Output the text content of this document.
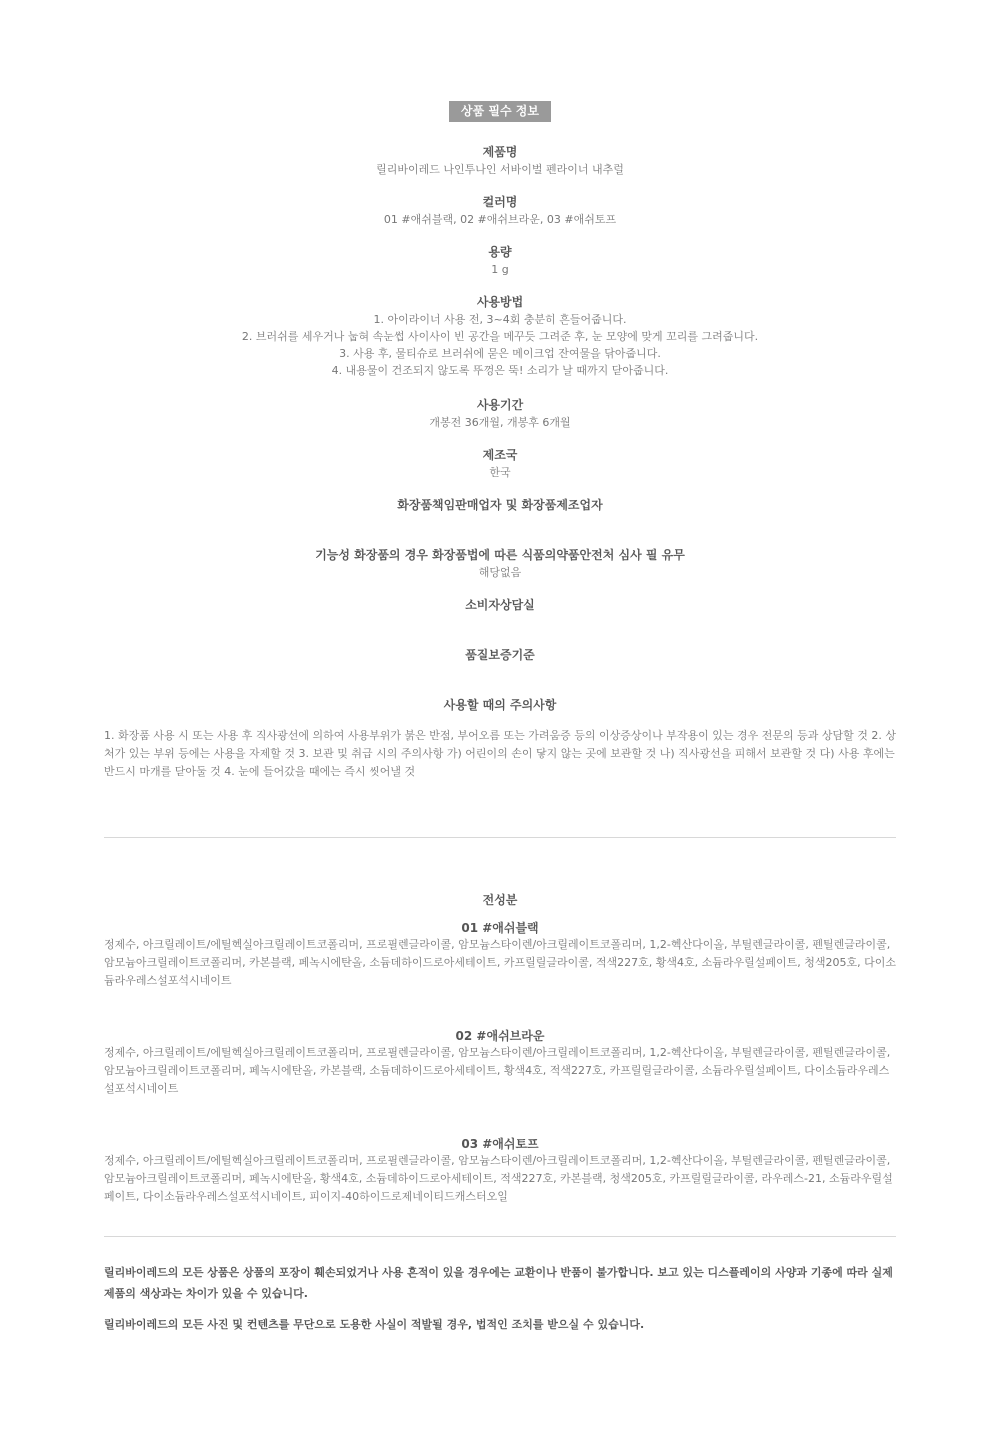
상품 필수 정보
제품명
릴리바이레드 나인투나인 서바이벌 펜라이너 내추럴
컬러명
01 #애쉬블랙, 02 #애쉬브라운, 03 #애쉬토프
용량
1 g
사용방법
1. 아이라이너 사용 전, 3~4회 충분히 흔들어줍니다.
2. 브러쉬를 세우거나 눕혀 속눈썹 사이사이 빈 공간을 메꾸듯 그려준 후, 눈 모양에 맞게 꼬리를 그려줍니다.
3. 사용 후, 물티슈로 브러쉬에 묻은 메이크업 잔여물을 닦아줍니다.
4. 내용물이 건조되지 않도록 뚜껑은 뚝! 소리가 날 때까지 닫아줍니다.
사용기간
개봉전 36개월, 개봉후 6개월
제조국
한국
화장품책임판매업자 및 화장품제조업자
기능성 화장품의 경우 화장품법에 따른 식품의약품안전처 심사 필 유무
해당없음
소비자상담실
품질보증기준
사용할 때의 주의사항
1. 화장품 사용 시 또는 사용 후 직사광선에 의하여 사용부위가 붉은 반점, 부어오름 또는 가려움증 등의 이상증상이나 부작용이 있는 경우 전문의 등과 상담할 것 2. 상처가 있는 부위 등에는 사용을 자제할 것 3. 보관 및 취급 시의 주의사항 가) 어린이의 손이 닿지 않는 곳에 보관할 것 나) 직사광선을 피해서 보관할 것 다) 사용 후에는 반드시 마개를 닫아둘 것 4. 눈에 들어갔을 때에는 즉시 씻어낼 것
전성분
01 #애쉬블랙
정제수, 아크릴레이트/에틸헥실아크릴레이트코폴리머, 프로필렌글라이콜, 암모늄스타이렌/아크릴레이트코폴리머, 1,2-헥산다이올, 부틸렌글라이콜, 펜틸렌글라이콜, 암모늄아크릴레이트코폴리머, 카본블랙, 페녹시에탄올, 소듐데하이드로아세테이트, 카프릴릴글라이콜, 적색227호, 황색4호, 소듐라우릴설페이트, 청색205호, 다이소듐라우레스설포석시네이트
02 #애쉬브라운
정제수, 아크릴레이트/에틸헥실아크릴레이트코폴리머, 프로필렌글라이콜, 암모늄스타이렌/아크릴레이트코폴리머, 1,2-헥산다이올, 부틸렌글라이콜, 펜틸렌글라이콜, 암모늄아크릴레이트코폴리머, 페녹시에탄올, 카본블랙, 소듐데하이드로아세테이트, 황색4호, 적색227호, 카프릴릴글라이콜, 소듐라우릴설페이트, 다이소듐라우레스설포석시네이트
03 #애쉬토프
정제수, 아크릴레이트/에틸헥실아크릴레이트코폴리머, 프로필렌글라이콜, 암모늄스타이렌/아크릴레이트코폴리머, 1,2-헥산다이올, 부틸렌글라이콜, 펜틸렌글라이콜, 암모늄아크릴레이트코폴리머, 페녹시에탄올, 황색4호, 소듐데하이드로아세테이트, 적색227호, 카본블랙, 청색205호, 카프릴릴글라이콜, 라우레스-21, 소듐라우릴설페이트, 다이소듐라우레스설포석시네이트, 피이지-40하이드로제네이티드캐스터오일
릴리바이레드의 모든 상품은 상품의 포장이 훼손되었거나 사용 흔적이 있을 경우에는 교환이나 반품이 불가합니다. 보고 있는 디스플레이의 사양과 기종에 따라 실제 제품의 색상과는 차이가 있을 수 있습니다.
릴리바이레드의 모든 사진 및 컨텐츠를 무단으로 도용한 사실이 적발될 경우, 법적인 조치를 받으실 수 있습니다.
